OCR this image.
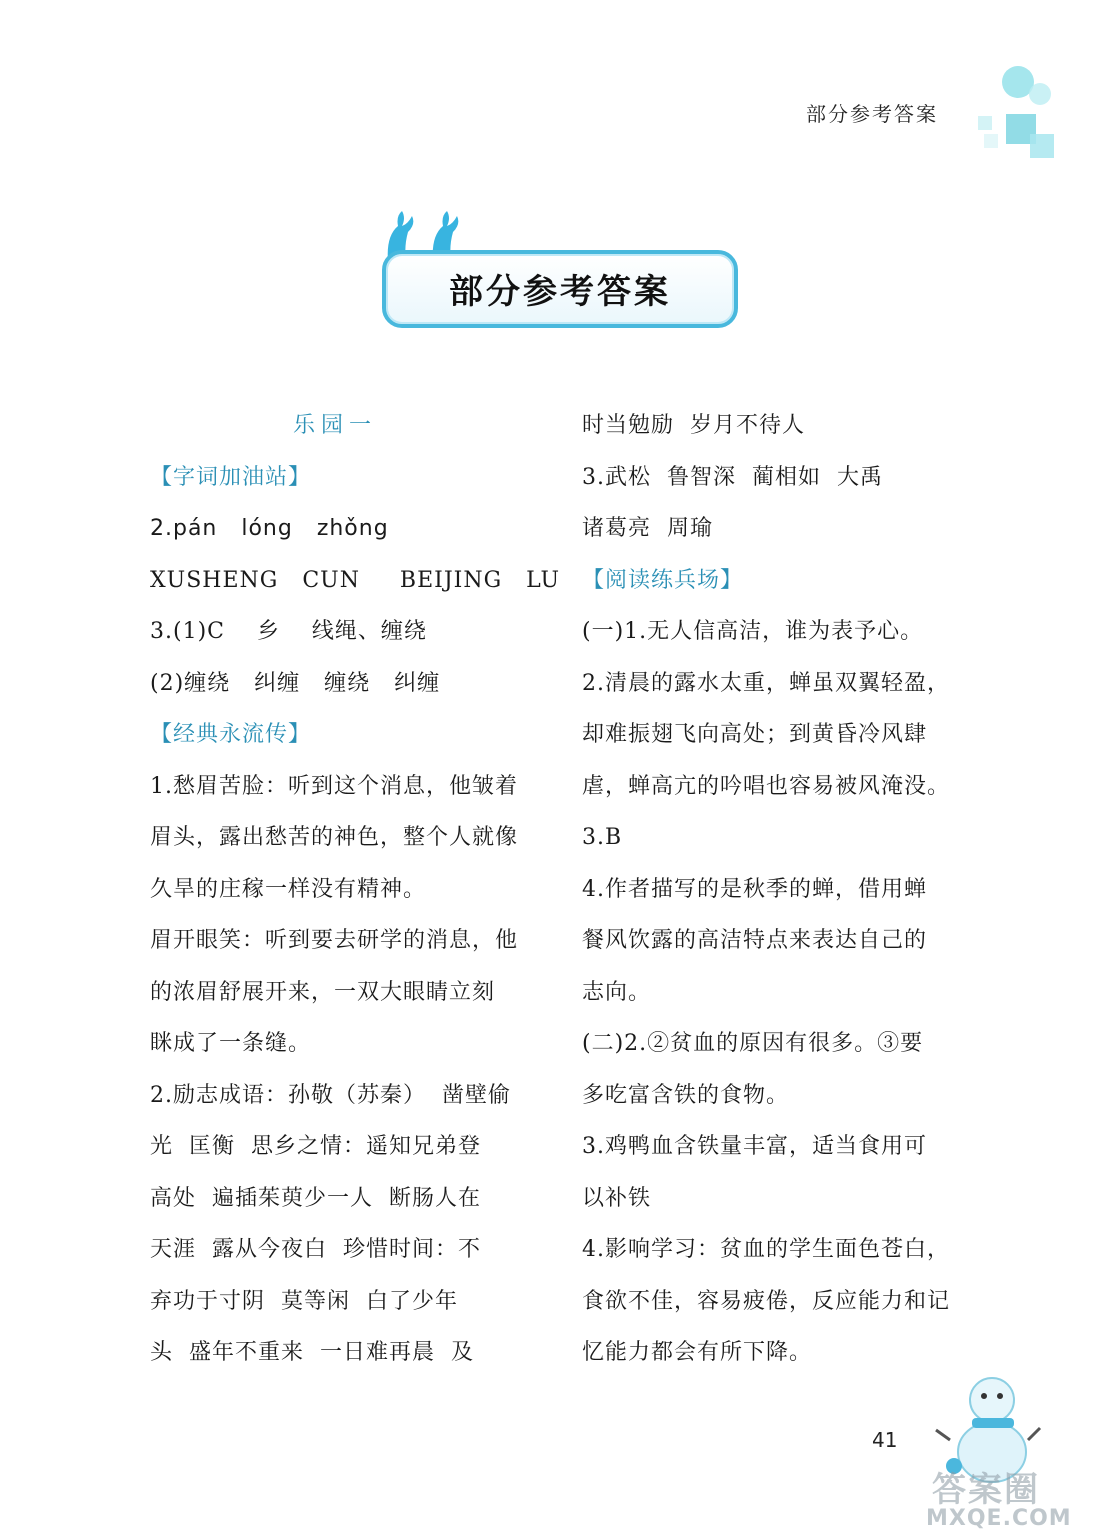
部分参考答案
部分参考答案
乐园一
【字词加油站】
2.pán   lóng   zhǒng
XUSHENG   CUN     BEIJING   LU
3.(1)C    乡    线绳、缠绕
(2)缠绕   纠缠   缠绕   纠缠
【经典永流传】
1.愁眉苦脸：听到这个消息，他皱着
眉头，露出愁苦的神色，整个人就像
久旱的庄稼一样没有精神。
眉开眼笑：听到要去研学的消息，他
的浓眉舒展开来，一双大眼睛立刻
眯成了一条缝。
2.励志成语：孙敬（苏秦）  凿壁偷
光  匡衡  思乡之情：遥知兄弟登
高处  遍插茱萸少一人  断肠人在
天涯  露从今夜白  珍惜时间：不
弃功于寸阴  莫等闲  白了少年
头  盛年不重来  一日难再晨  及
时当勉励  岁月不待人
3.武松  鲁智深  蔺相如  大禹
诸葛亮  周瑜
【阅读练兵场】
(一)1.无人信高洁，谁为表予心。
2.清晨的露水太重，蝉虽双翼轻盈，
却难振翅飞向高处；到黄昏冷风肆
虐，蝉高亢的吟唱也容易被风淹没。
3.B
4.作者描写的是秋季的蝉，借用蝉
餐风饮露的高洁特点来表达自己的
志向。
(二)2.②贫血的原因有很多。③要
多吃富含铁的食物。
3.鸡鸭血含铁量丰富，适当食用可
以补铁
4.影响学习：贫血的学生面色苍白，
食欲不佳，容易疲倦，反应能力和记
忆能力都会有所下降。
41
答案圈
MXQE.COM
